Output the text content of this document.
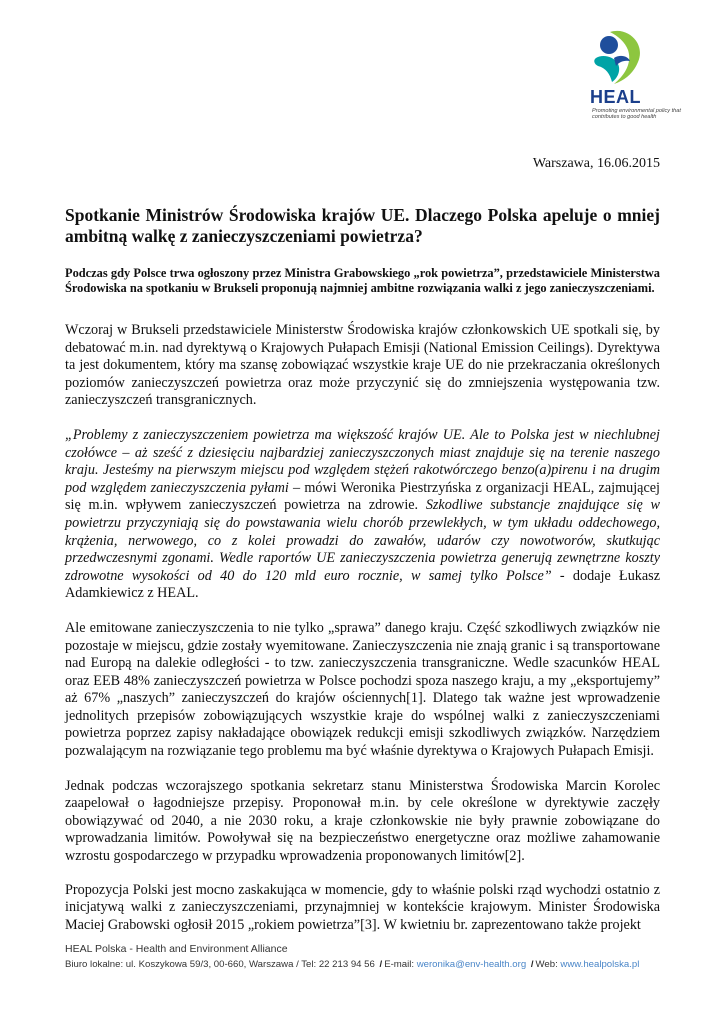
HEAL
Promoting environmental policy that contributes to good health
Warszawa, 16.06.2015
Spotkanie Ministrów Środowiska krajów UE. Dlaczego Polska apeluje o mniej ambitną walkę z zanieczyszczeniami powietrza?

Podczas gdy Polsce trwa ogłoszony przez Ministra Grabowskiego „rok powietrza”, przedstawiciele Ministerstwa Środowiska na spotkaniu w Brukseli proponują najmniej ambitne rozwiązania walki z jego zanieczyszczeniami.

Wczoraj w Brukseli przedstawiciele Ministerstw Środowiska krajów członkowskich UE spotkali się, by debatować m.in. nad dyrektywą o Krajowych Pułapach Emisji (National Emission Ceilings). Dyrektywa ta jest dokumentem, który ma szansę zobowiązać wszystkie kraje UE do nie przekraczania określonych poziomów zanieczyszczeń powietrza oraz może przyczynić się do zmniejszenia występowania tzw. zanieczyszczeń transgranicznych.

„Problemy z zanieczyszczeniem powietrza ma większość krajów UE. Ale to Polska jest w niechlubnej czołówce – aż sześć z dziesięciu najbardziej zanieczyszczonych miast znajduje się na terenie naszego kraju. Jesteśmy na pierwszym miejscu pod względem stężeń rakotwórczego benzo(a)pirenu i na drugim pod względem zanieczyszczenia pyłami – mówi Weronika Piestrzyńska z organizacji HEAL, zajmującej się m.in. wpływem zanieczyszczeń powietrza na zdrowie. Szkodliwe substancje znajdujące się w powietrzu przyczyniają się do powstawania wielu chorób przewlekłych, w tym układu oddechowego, krążenia, nerwowego, co z kolei prowadzi do zawałów, udarów czy nowotworów, skutkując przedwczesnymi zgonami. Wedle raportów UE zanieczyszczenia powietrza generują zewnętrzne koszty zdrowotne wysokości od 40 do 120 mld euro rocznie, w samej tylko Polsce” - dodaje Łukasz Adamkiewicz z HEAL.

Ale emitowane zanieczyszczenia to nie tylko „sprawa” danego kraju. Część szkodliwych związków nie pozostaje w miejscu, gdzie zostały wyemitowane. Zanieczyszczenia nie znają granic i są transportowane nad Europą na dalekie odległości - to tzw. zanieczyszczenia transgraniczne. Wedle szacunków HEAL oraz EEB 48% zanieczyszczeń powietrza w Polsce pochodzi spoza naszego kraju, a my „eksportujemy” aż 67% „naszych” zanieczyszczeń do krajów ościennych[1]. Dlatego tak ważne jest wprowadzenie jednolitych przepisów zobowiązujących wszystkie kraje do wspólnej walki z zanieczyszczeniami powietrza poprzez zapisy nakładające obowiązek redukcji emisji szkodliwych związków. Narzędziem pozwalającym na rozwiązanie tego problemu ma być właśnie dyrektywa o Krajowych Pułapach Emisji.

Jednak podczas wczorajszego spotkania sekretarz stanu Ministerstwa Środowiska Marcin Korolec zaapelował o łagodniejsze przepisy. Proponował m.in. by cele określone w dyrektywie zaczęły obowiązywać od 2040, a nie 2030 roku, a kraje członkowskie nie były prawnie zobowiązane do wprowadzania limitów. Powoływał się na bezpieczeństwo energetyczne oraz możliwe zahamowanie wzrostu gospodarczego w przypadku wprowadzenia proponowanych limitów[2].

Propozycja Polski jest mocno zaskakująca w momencie, gdy to właśnie polski rząd wychodzi ostatnio z inicjatywą walki z zanieczyszczeniami, przynajmniej w kontekście krajowym. Minister Środowiska Maciej Grabowski ogłosił 2015 „rokiem powietrza”[3]. W kwietniu br. zaprezentowano także projekt

HEAL Polska - Health and Environment Alliance
Biuro lokalne: ul. Koszykowa 59/3, 00-660, Warszawa / Tel: 22 213 94 56 / E-mail: weronika@env-health.org / Web: www.healpolska.pl
